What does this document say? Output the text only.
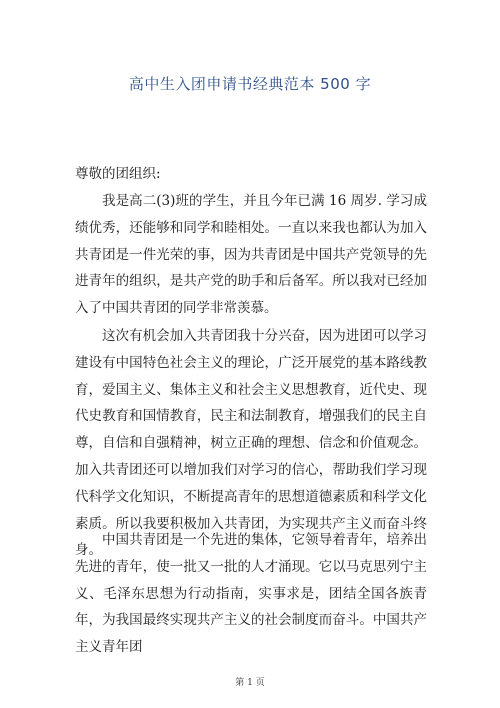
高中生入团申请书经典范本 500 字
尊敬的团组织:

我是高二(3)班的学生，并且今年已满 16 周岁. 学习成绩优秀，还能够和同学和睦相处。一直以来我也都认为加入共青团是一件光荣的事，因为共青团是中国共产党领导的先进青年的组织，是共产党的助手和后备军。所以我对已经加入了中国共青团的同学非常羡慕。

这次有机会加入共青团我十分兴奋，因为进团可以学习建设有中国特色社会主义的理论，广泛开展党的基本路线教育，爱国主义、集体主义和社会主义思想教育，近代史、现代史教育和国情教育，民主和法制教育，增强我们的民主自尊，自信和自强精神，树立正确的理想、信念和价值观念。加入共青团还可以增加我们对学习的信心，帮助我们学习现代科学文化知识，不断提高青年的思想道德素质和科学文化素质。所以我要积极加入共青团，为实现共产主义而奋斗终身。

中国共青团是一个先进的集体，它领导着青年，培养出先进的青年，使一批又一批的人才涌现。它以马克思列宁主义、毛泽东思想为行动指南，实事求是，团结全国各族青年，为我国最终实现共产主义的社会制度而奋斗。中国共产主义青年团

第 1 页
